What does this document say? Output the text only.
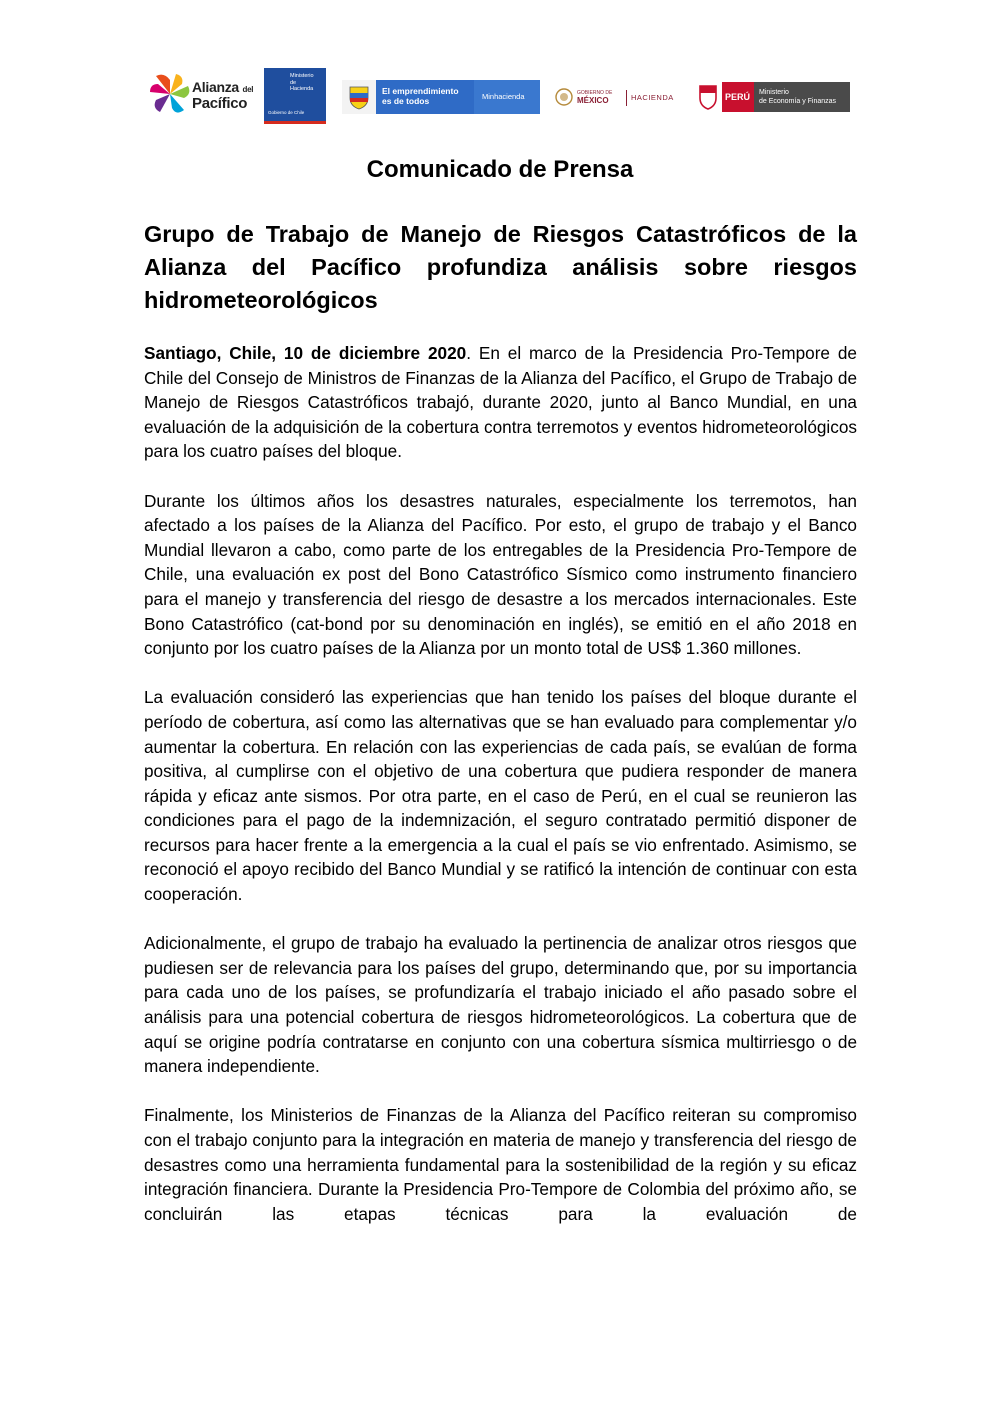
Alianza del
Pacífico
Ministerio
de
Hacienda
Gobierno de Chile
El emprendimiento
es de todos	Minhacienda	GOBIERNO DE
MÉXICO	HACIENDA	PERÚ Ministerio
de Economía y Finanzas
Comunicado de Prensa
Grupo de Trabajo de Manejo de Riesgos Catastróficos de la Alianza del Pacífico profundiza análisis sobre riesgos hidrometeorológicos

Santiago, Chile, 10 de diciembre 2020. En el marco de la Presidencia Pro-Tempore de Chile del Consejo de Ministros de Finanzas de la Alianza del Pacífico, el Grupo de Trabajo de Manejo de Riesgos Catastróficos trabajó, durante 2020, junto al Banco Mundial, en una evaluación de la adquisición de la cobertura contra terremotos y eventos hidrometeorológicos para los cuatro países del bloque.

Durante los últimos años los desastres naturales, especialmente los terremotos, han afectado a los países de la Alianza del Pacífico. Por esto, el grupo de trabajo y el Banco Mundial llevaron a cabo, como parte de los entregables de la Presidencia Pro-Tempore de Chile, una evaluación ex post del Bono Catastrófico Sísmico como instrumento financiero para el manejo y transferencia del riesgo de desastre a los mercados internacionales. Este Bono Catastrófico (cat-bond por su denominación en inglés), se emitió en el año 2018 en conjunto por los cuatro países de la Alianza por un monto total de US$ 1.360 millones.

La evaluación consideró las experiencias que han tenido los países del bloque durante el período de cobertura, así como las alternativas que se han evaluado para complementar y/o aumentar la cobertura. En relación con las experiencias de cada país, se evalúan de forma positiva, al cumplirse con el objetivo de una cobertura que pudiera responder de manera rápida y eficaz ante sismos. Por otra parte, en el caso de Perú, en el cual se reunieron las condiciones para el pago de la indemnización, el seguro contratado permitió disponer de recursos para hacer frente a la emergencia a la cual el país se vio enfrentado. Asimismo, se reconoció el apoyo recibido del Banco Mundial y se ratificó la intención de continuar con esta cooperación.

Adicionalmente, el grupo de trabajo ha evaluado la pertinencia de analizar otros riesgos que pudiesen ser de relevancia para los países del grupo, determinando que, por su importancia para cada uno de los países, se profundizaría el trabajo iniciado el año pasado sobre el análisis para una potencial cobertura de riesgos hidrometeorológicos. La cobertura que de aquí se origine podría contratarse en conjunto con una cobertura sísmica multirriesgo o de manera independiente.

Finalmente, los Ministerios de Finanzas de la Alianza del Pacífico reiteran su compromiso con el trabajo conjunto para la integración en materia de manejo y transferencia del riesgo de desastres como una herramienta fundamental para la sostenibilidad de la región y su eficaz integración financiera. Durante la Presidencia Pro-Tempore de Colombia del próximo año, se concluirán las etapas técnicas para la evaluación de
